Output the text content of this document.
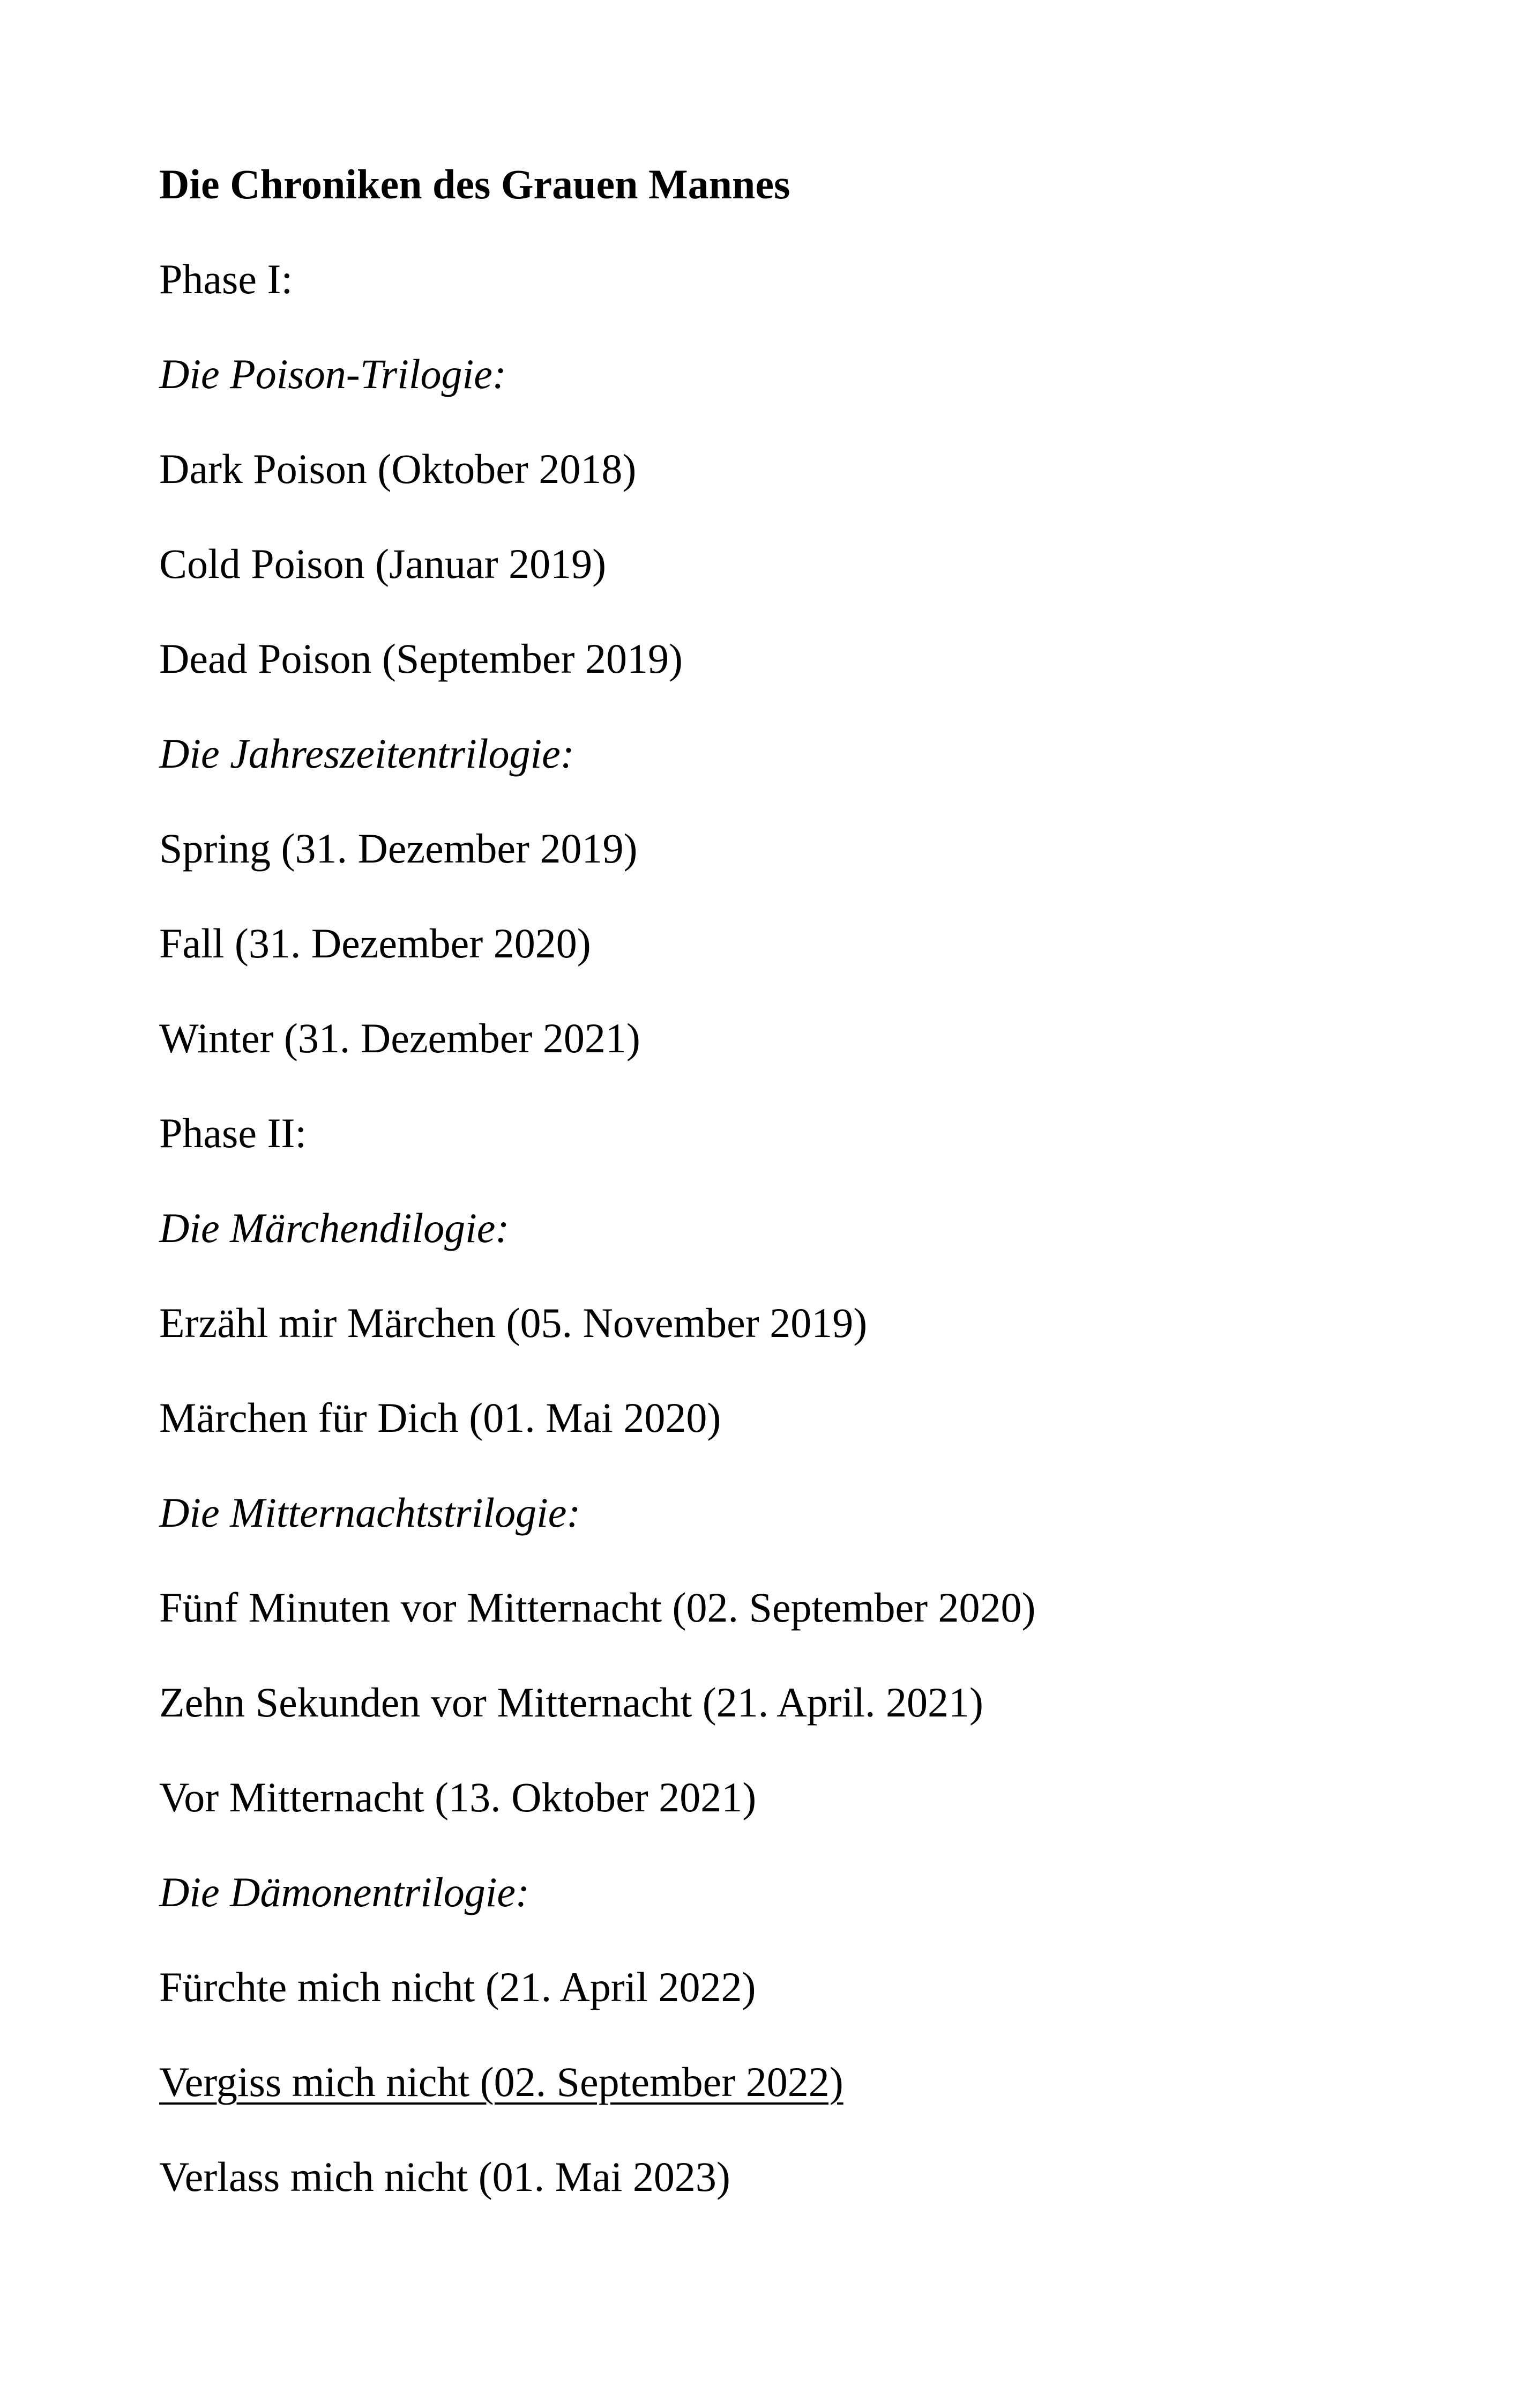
Die Chroniken des Grauen Mannes
Phase I:
Die Poison-Trilogie:
Dark Poison (Oktober 2018)
Cold Poison (Januar 2019)
Dead Poison (September 2019)
Die Jahreszeitentrilogie:
Spring (31. Dezember 2019)
Fall (31. Dezember 2020)
Winter (31. Dezember 2021)
Phase II:
Die Märchendilogie:
Erzähl mir Märchen (05. November 2019)
Märchen für Dich (01. Mai 2020)
Die Mitternachtstrilogie:
Fünf Minuten vor Mitternacht (02. September 2020)
Zehn Sekunden vor Mitternacht (21. April. 2021)
Vor Mitternacht (13. Oktober 2021)
Die Dämonentrilogie:
Fürchte mich nicht (21. April 2022)
Vergiss mich nicht (02. September 2022)
Verlass mich nicht (01. Mai 2023)
